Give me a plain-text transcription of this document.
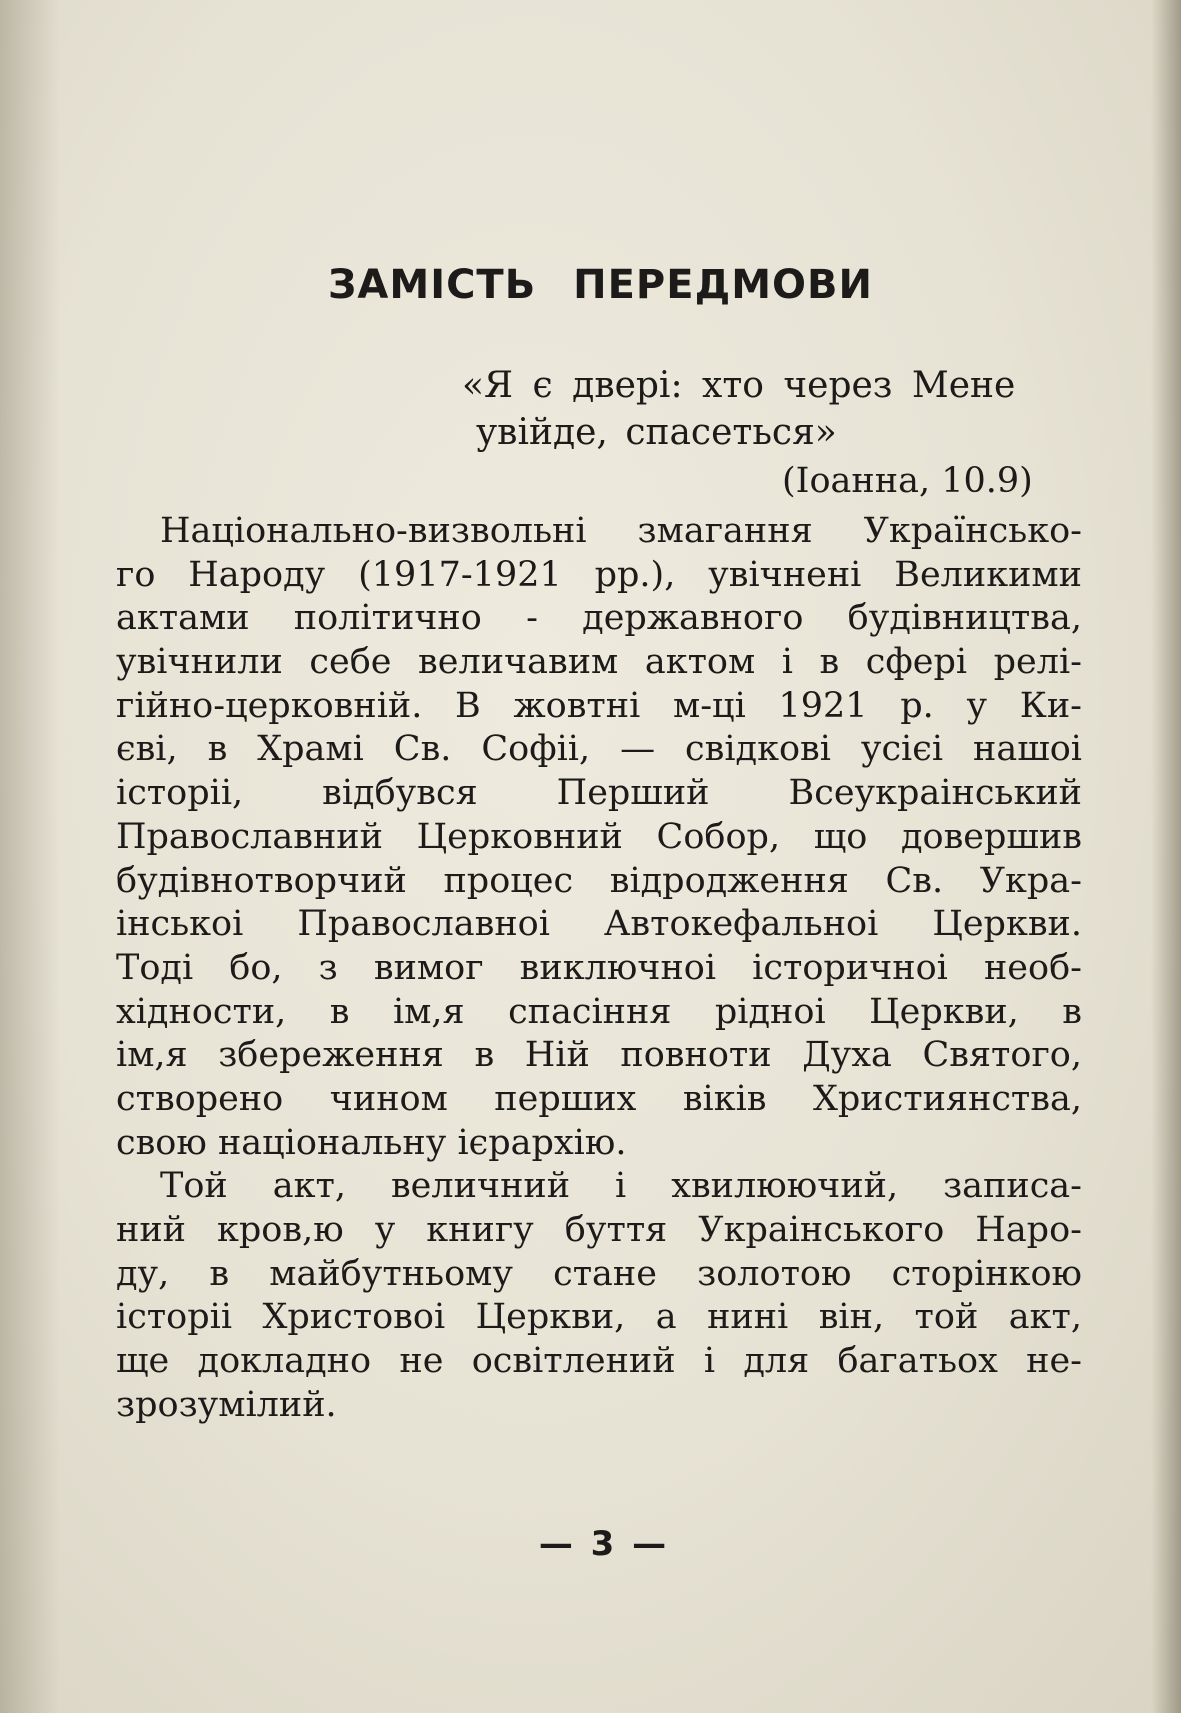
ЗАМІСТЬ ПЕРЕДМОВИ
«Я є двері: хто через Мене
увійде, спасеться»
(Іоанна, 10.9)
Національно-визвольні змагання Українсько-
го Народу (1917-1921 рр.), увічнені Великими
актами політично - державного будівництва,
увічнили себе величавим актом і в сфері релі-
гійно-церковній. В жовтні м-ці 1921 р. у Ки-
єві, в Храмі Св. Софіі, — свідкові усієі нашоі
історіі, відбувся Перший Всеукраінський
Православний Церковний Собор, що довершив
будівнотворчий процес відродження Св. Укра-
інськоі Православноі Автокефальноі Церкви.
Тоді бо, з вимог виключноі історичноі необ-
хідности, в ім,я спасіння рідноі Церкви, в
ім,я збереження в Ній повноти Духа Святого,
створено чином перших віків Християнства,
свою національну ієрархію.
Той акт, величний і хвилюючий, записа-
ний кров,ю у книгу буття Украінського Наро-
ду, в майбутньому стане золотою сторінкою
історіі Христовоі Церкви, а нині він, той акт,
ще докладно не освітлений і для багатьох не-
зрозумілий.
— 3 —
